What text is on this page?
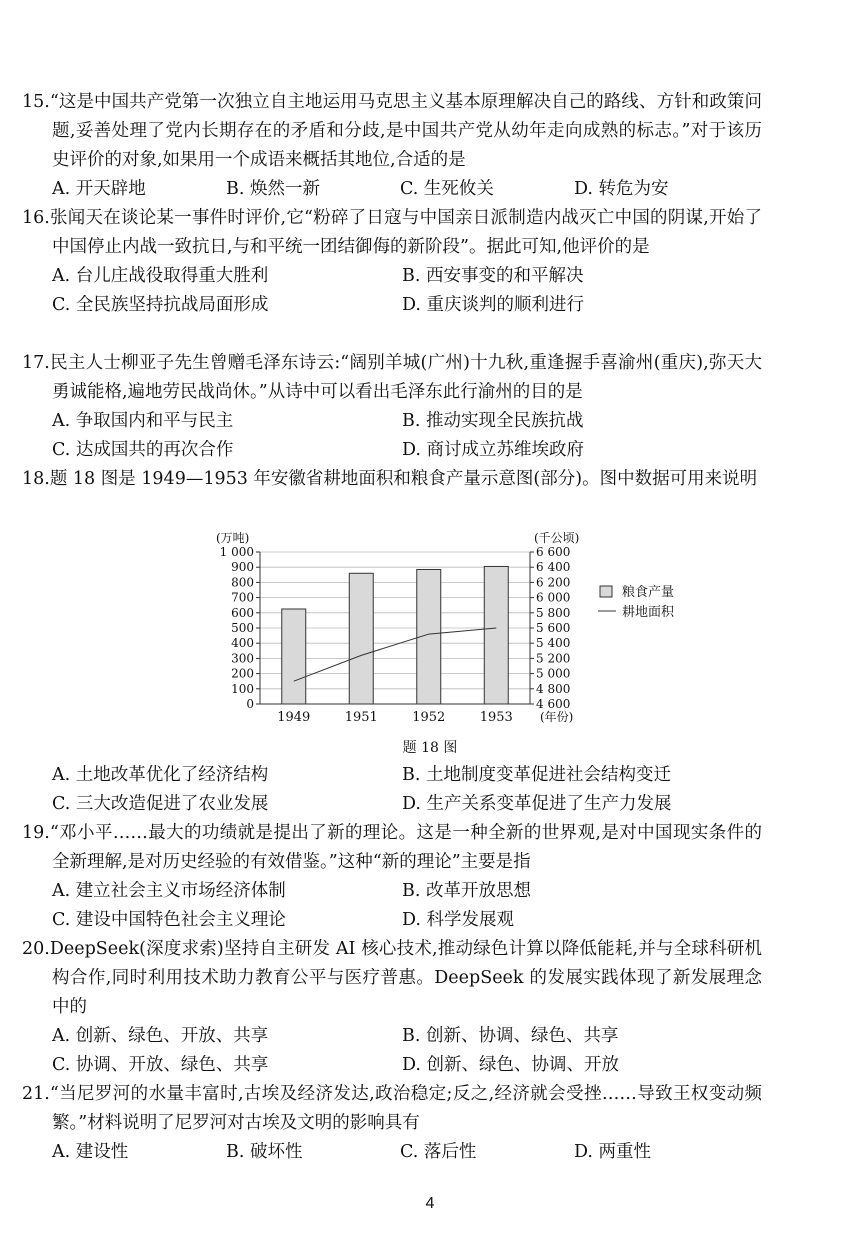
15.“这是中国共产党第一次独立自主地运用马克思主义基本原理解决自己的路线、方针和政策问题,妥善处理了党内长期存在的矛盾和分歧,是中国共产党从幼年走向成熟的标志。”对于该历史评价的对象,如果用一个成语来概括其地位,合适的是
A. 开天辟地	B. 焕然一新	C. 生死攸关	D. 转危为安
16.张闻天在谈论某一事件时评价,它“粉碎了日寇与中国亲日派制造内战灭亡中国的阴谋,开始了中国停止内战一致抗日,与和平统一团结御侮的新阶段”。据此可知,他评价的是
A. 台儿庄战役取得重大胜利	B. 西安事变的和平解决
C. 全民族坚持抗战局面形成	D. 重庆谈判的顺利进行
17.民主人士柳亚子先生曾赠毛泽东诗云:“阔别羊城(广州)十九秋,重逢握手喜渝州(重庆),弥天大勇诚能格,遍地劳民战尚休。”从诗中可以看出毛泽东此行渝州的目的是
A. 争取国内和平与民主	B. 推动实现全民族抗战
C. 达成国共的再次合作	D. 商讨成立苏维埃政府
18.题 18 图是 1949—1953 年安徽省耕地面积和粮食产量示意图(部分)。图中数据可用来说明
0
100
200
300
400
500
600
700
800
900
1 000
4 600
4 800
5 000
5 200
5 400
5 600
5 800
6 000
6 200
6 400
6 600
(万吨)	(千公顷)
1949	1951	1952	1953 (年份)
粮食产量
耕地面积
题 18 图
A. 土地改革优化了经济结构	B. 土地制度变革促进社会结构变迁
C. 三大改造促进了农业发展	D. 生产关系变革促进了生产力发展
19.“邓小平……最大的功绩就是提出了新的理论。这是一种全新的世界观,是对中国现实条件的全新理解,是对历史经验的有效借鉴。”这种“新的理论”主要是指
A. 建立社会主义市场经济体制	B. 改革开放思想
C. 建设中国特色社会主义理论	D. 科学发展观
20.DeepSeek(深度求索)坚持自主研发 AI 核心技术,推动绿色计算以降低能耗,并与全球科研机构合作,同时利用技术助力教育公平与医疗普惠。DeepSeek 的发展实践体现了新发展理念中的
A. 创新、绿色、开放、共享	B. 创新、协调、绿色、共享
C. 协调、开放、绿色、共享	D. 创新、绿色、协调、开放
21.“当尼罗河的水量丰富时,古埃及经济发达,政治稳定;反之,经济就会受挫……导致王权变动频繁。”材料说明了尼罗河对古埃及文明的影响具有
A. 建设性	B. 破坏性	C. 落后性	D. 两重性
4
